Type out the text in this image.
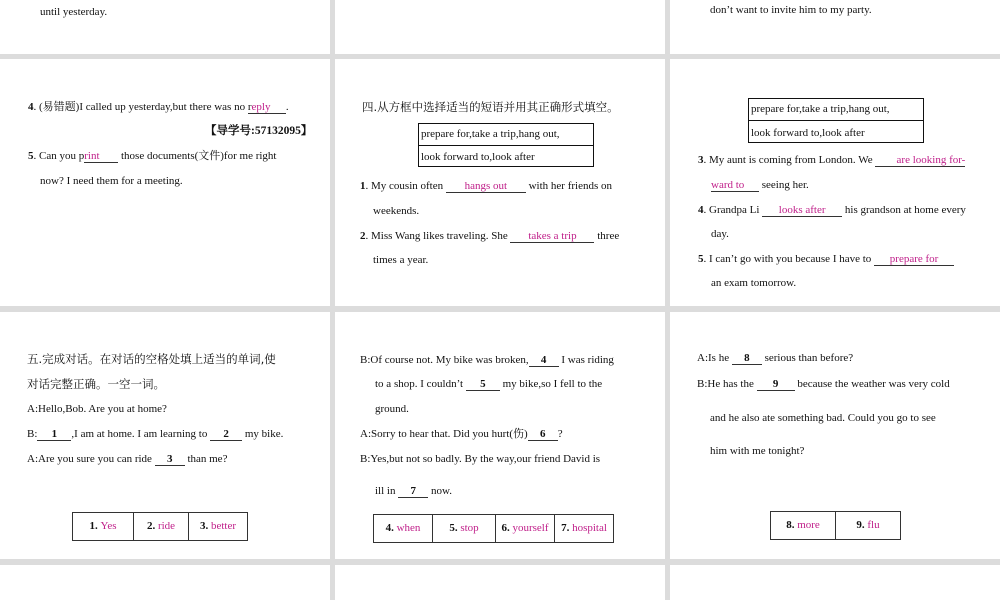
until yesterday.	don’t want to invite him to my party.
4. (易错题)I called up yesterday,but there was no reply .
【导学号:57132095】
5. Can you print those documents(文件)for me right
now? I need them for a meeting.
四.从方框中选择适当的短语并用其正确形式填空。
prepare for,take a trip,hang out,
look forward to,look after
1. My cousin often hangs out with her friends on
weekends.
2. Miss Wang likes traveling. She takes a trip three
times a year.
prepare for,take a trip,hang out,
look forward to,look after
3. My aunt is coming from London. We are looking for-
ward to seeing her.
4. Grandpa Li looks after his grandson at home every
day.
5. I can’t go with you because I have to prepare for
an exam tomorrow.
五.完成对话。在对话的空格处填上适当的单词,使
对话完整正确。一空一词。
A:Hello,Bob. Are you at home?
B: 1 ,I am at home. I am learning to 2 my bike.
A:Are you sure you can ride 3 than me?
1. Yes	2. ride	3. better
B:Of course not. My bike was broken, 4 I was riding
to a shop. I couldn’t 5 my bike,so I fell to the
ground.
A:Sorry to hear that. Did you hurt(伤) 6 ?
B:Yes,but not so badly. By the way,our friend David is
ill in 7 now.
4. when	5. stop	6. yourself	7. hospital
A:Is he 8 serious than before?
B:He has the 9 because the weather was very cold
and he also ate something bad. Could you go to see
him with me tonight?
8. more	9. flu
